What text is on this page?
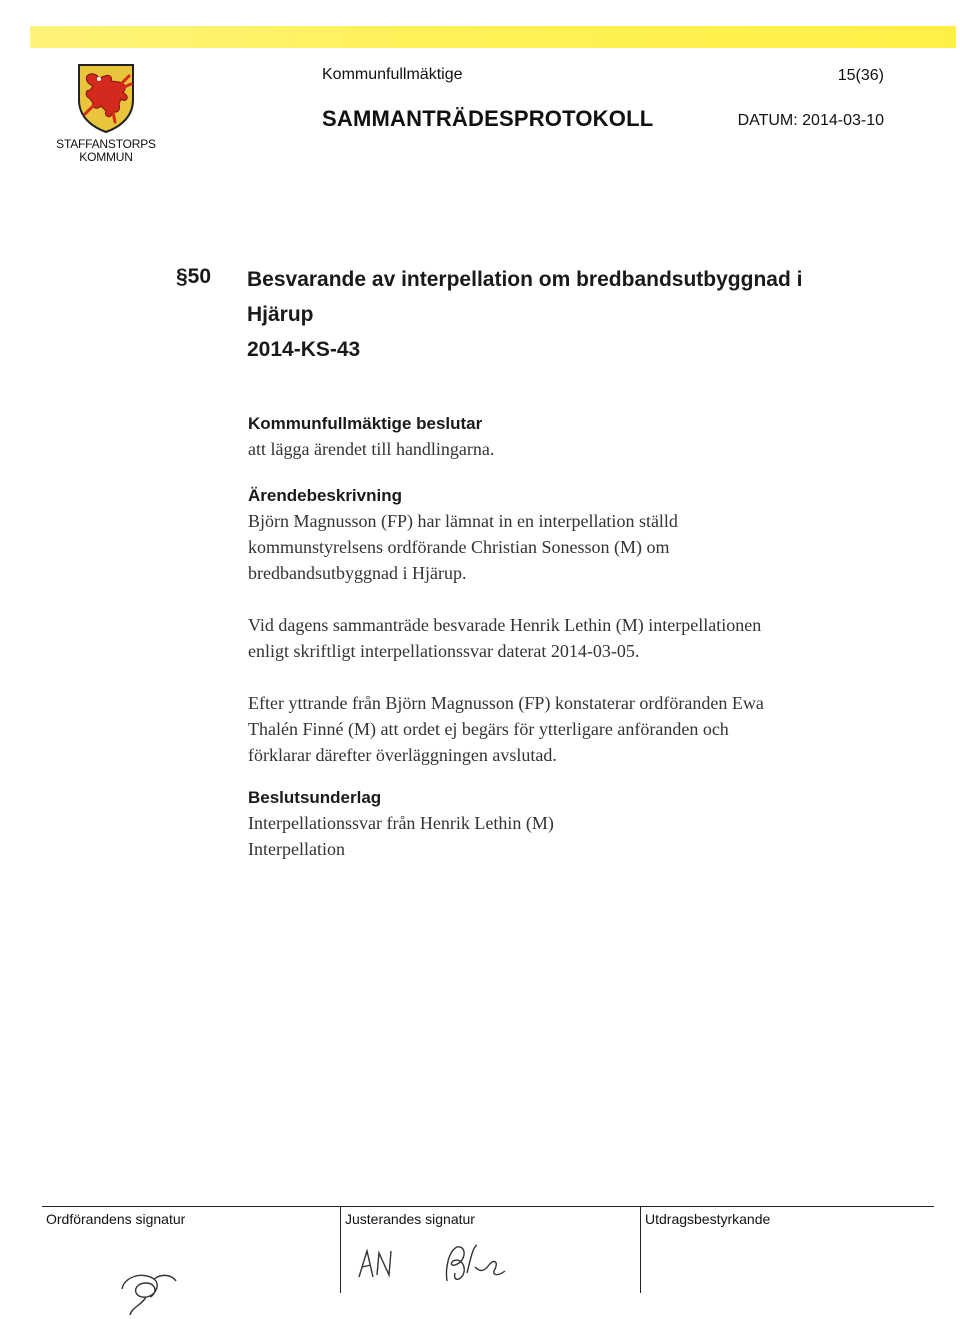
STAFFANSTORPS
KOMMUN
Kommunfullmäktige	15(36)
SAMMANTRÄDESPROTOKOLL	DATUM: 2014-03-10
§50 Besvarande av interpellation om bredbandsutbyggnad i
Hjärup
2014-KS-43

Kommunfullmäktige beslutar

att lägga ärendet till handlingarna.

Ärendebeskrivning

Björn Magnusson (FP) har lämnat in en interpellation ställd
kommunstyrelsens ordförande Christian Sonesson (M) om
bredbandsutbyggnad i Hjärup.

Vid dagens sammanträde besvarade Henrik Lethin (M) interpellationen
enligt skriftligt interpellationssvar daterat 2014-03-05.

Efter yttrande från Björn Magnusson (FP) konstaterar ordföranden Ewa
Thalén Finné (M) att ordet ej begärs för ytterligare anföranden och
förklarar därefter överläggningen avslutad.

Beslutsunderlag

Interpellationssvar från Henrik Lethin (M)
Interpellation

Ordförandens signatur	Justerandes signatur	Utdragsbestyrkande
